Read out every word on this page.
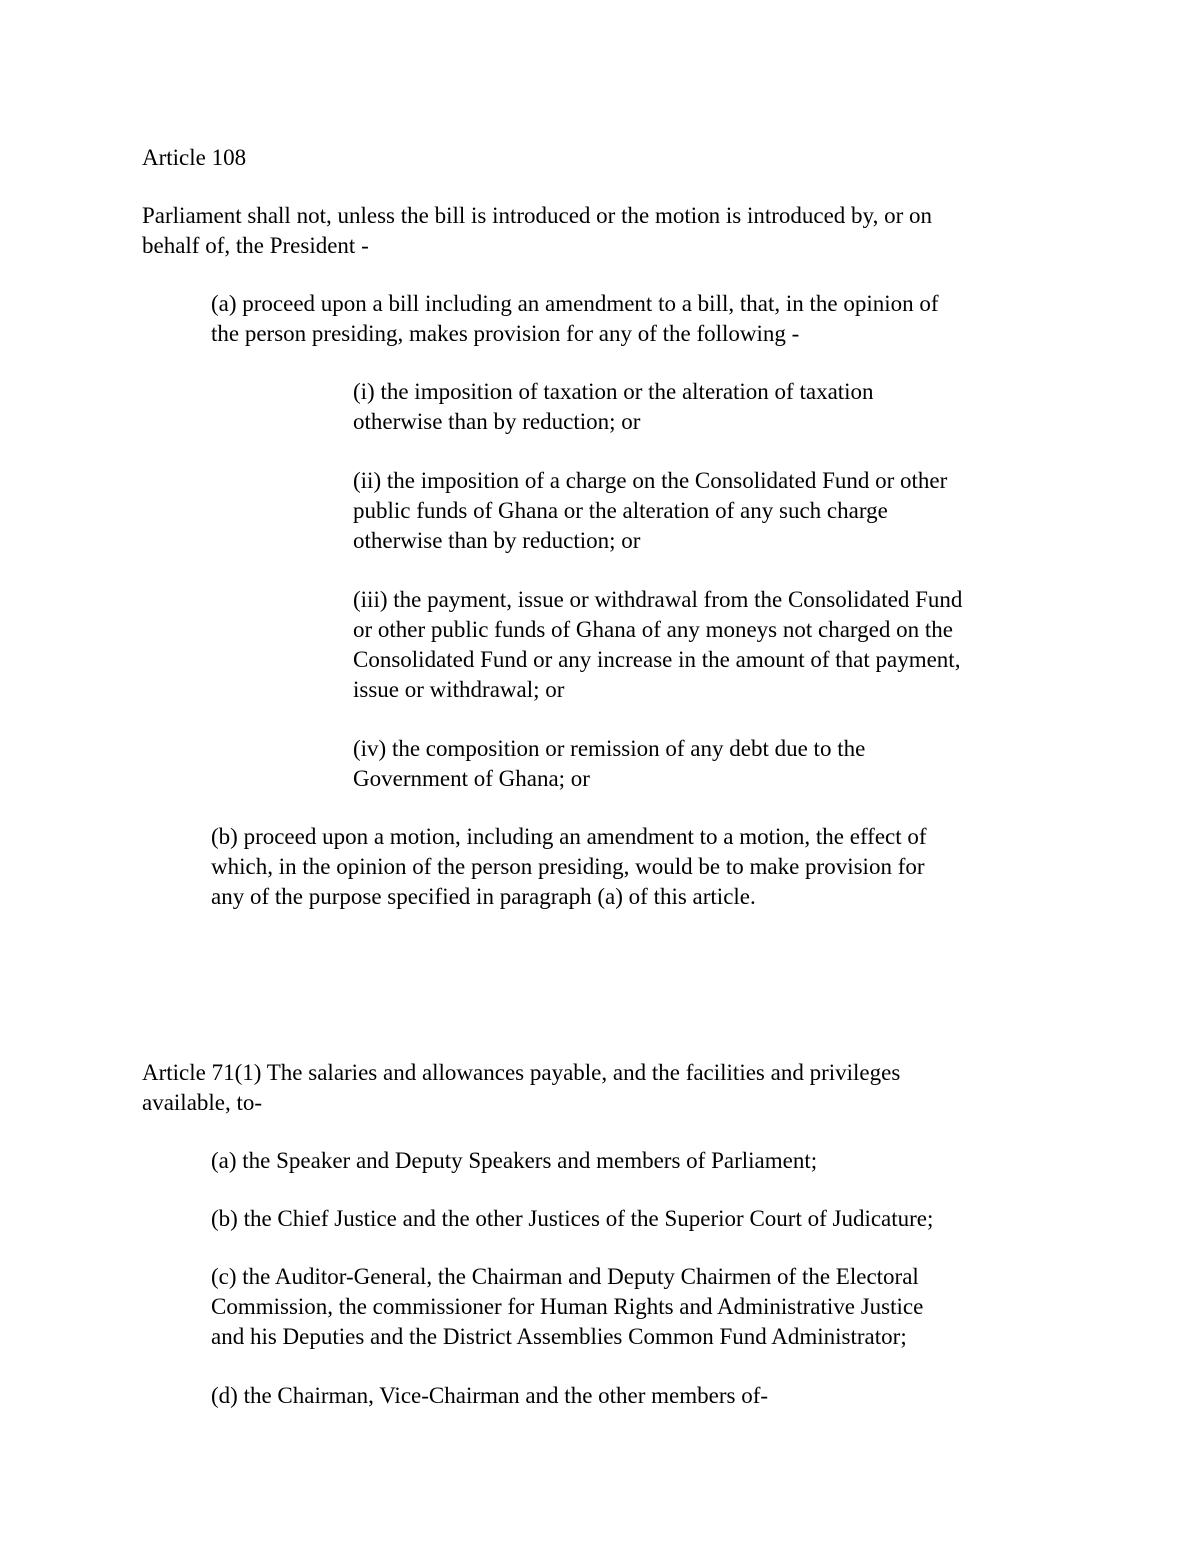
Article 108
Parliament shall not, unless the bill is introduced or the motion is introduced by, or on
behalf of, the President -
(a) proceed upon a bill including an amendment to a bill, that, in the opinion of
the person presiding, makes provision for any of the following -
(i) the imposition of taxation or the alteration of taxation
otherwise than by reduction; or
(ii) the imposition of a charge on the Consolidated Fund or other
public funds of Ghana or the alteration of any such charge
otherwise than by reduction; or
(iii) the payment, issue or withdrawal from the Consolidated Fund
or other public funds of Ghana of any moneys not charged on the
Consolidated Fund or any increase in the amount of that payment,
issue or withdrawal; or
(iv) the composition or remission of any debt due to the
Government of Ghana; or
(b) proceed upon a motion, including an amendment to a motion, the effect of
which, in the opinion of the person presiding, would be to make provision for
any of the purpose specified in paragraph (a) of this article.
Article 71(1) The salaries and allowances payable, and the facilities and privileges
available, to-
(a) the Speaker and Deputy Speakers and members of Parliament;
(b) the Chief Justice and the other Justices of the Superior Court of Judicature;
(c) the Auditor-General, the Chairman and Deputy Chairmen of the Electoral
Commission, the commissioner for Human Rights and Administrative Justice
and his Deputies and the District Assemblies Common Fund Administrator;
(d) the Chairman, Vice-Chairman and the other members of-
